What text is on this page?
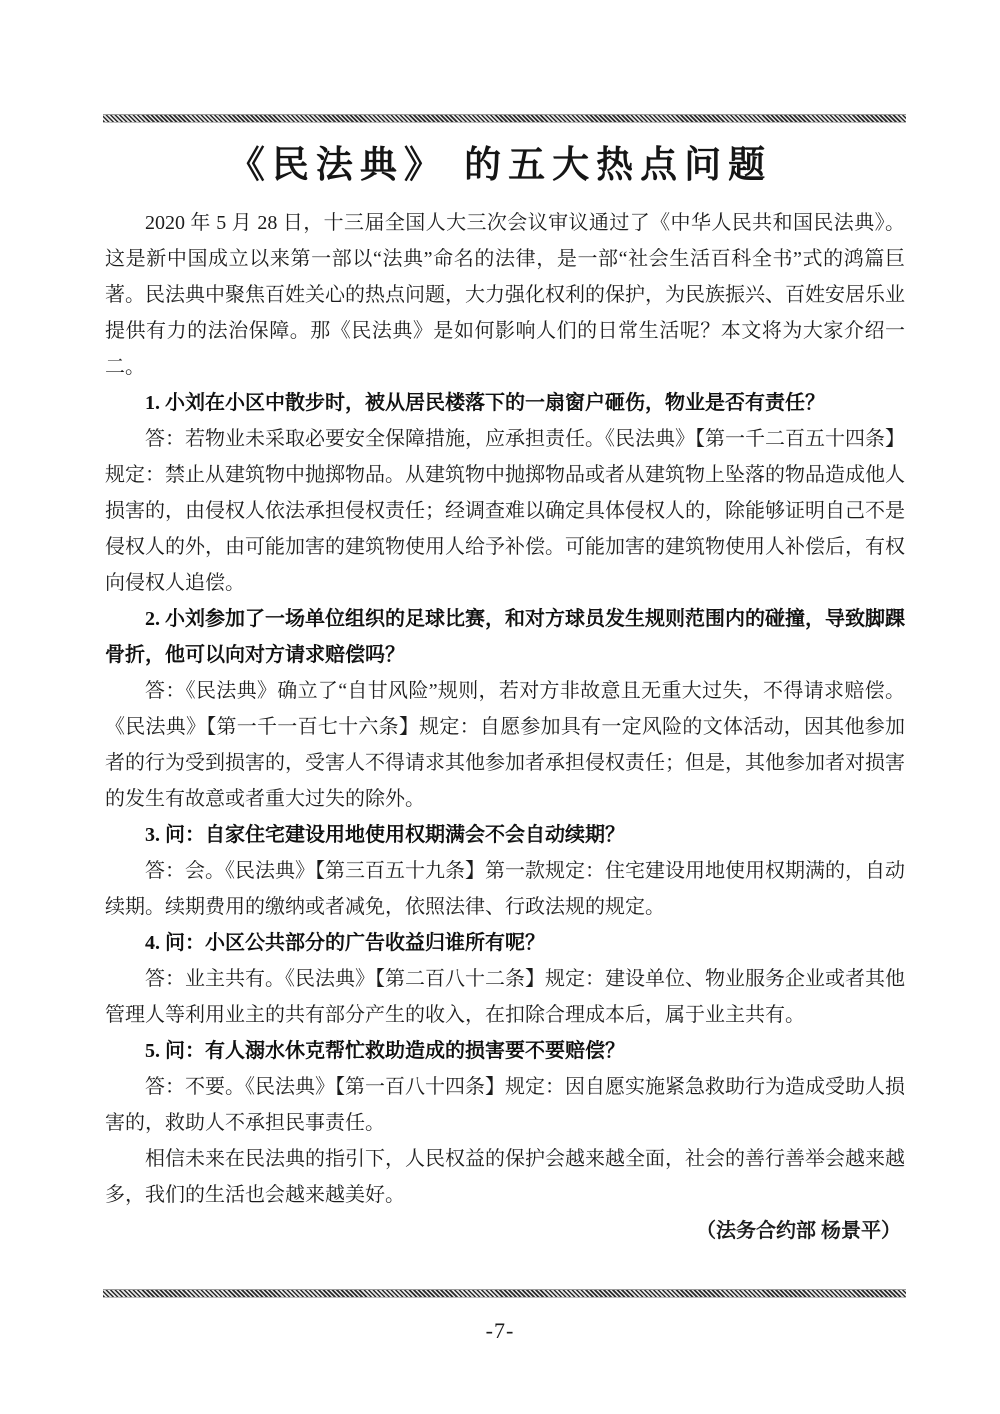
《民法典》 的五大热点问题

2020 年 5 月 28 日，十三届全国人大三次会议审议通过了《中华人民共和国民法典》。这是新中国成立以来第一部以“法典”命名的法律，是一部“社会生活百科全书”式的鸿篇巨著。民法典中聚焦百姓关心的热点问题，大力强化权利的保护，为民族振兴、百姓安居乐业提供有力的法治保障。那《民法典》是如何影响人们的日常生活呢？本文将为大家介绍一二。

1. 小刘在小区中散步时，被从居民楼落下的一扇窗户砸伤，物业是否有责任？

答：若物业未采取必要安全保障措施，应承担责任。《民法典》【第一千二百五十四条】规定：禁止从建筑物中抛掷物品。从建筑物中抛掷物品或者从建筑物上坠落的物品造成他人损害的，由侵权人依法承担侵权责任；经调查难以确定具体侵权人的，除能够证明自己不是侵权人的外，由可能加害的建筑物使用人给予补偿。可能加害的建筑物使用人补偿后，有权向侵权人追偿。

2. 小刘参加了一场单位组织的足球比赛，和对方球员发生规则范围内的碰撞，导致脚踝骨折，他可以向对方请求赔偿吗？

答：《民法典》确立了“自甘风险”规则，若对方非故意且无重大过失，不得请求赔偿。《民法典》【第一千一百七十六条】规定：自愿参加具有一定风险的文体活动，因其他参加者的行为受到损害的，受害人不得请求其他参加者承担侵权责任；但是，其他参加者对损害的发生有故意或者重大过失的除外。

3. 问：自家住宅建设用地使用权期满会不会自动续期？

答：会。《民法典》【第三百五十九条】第一款规定：住宅建设用地使用权期满的，自动续期。续期费用的缴纳或者减免，依照法律、行政法规的规定。

4. 问：小区公共部分的广告收益归谁所有呢？

答：业主共有。《民法典》【第二百八十二条】规定：建设单位、物业服务企业或者其他管理人等利用业主的共有部分产生的收入，在扣除合理成本后，属于业主共有。

5. 问：有人溺水休克帮忙救助造成的损害要不要赔偿？

答：不要。《民法典》【第一百八十四条】规定：因自愿实施紧急救助行为造成受助人损害的，救助人不承担民事责任。

相信未来在民法典的指引下，人民权益的保护会越来越全面，社会的善行善举会越来越多，我们的生活也会越来越美好。

（法务合约部 杨景平）

-7-
